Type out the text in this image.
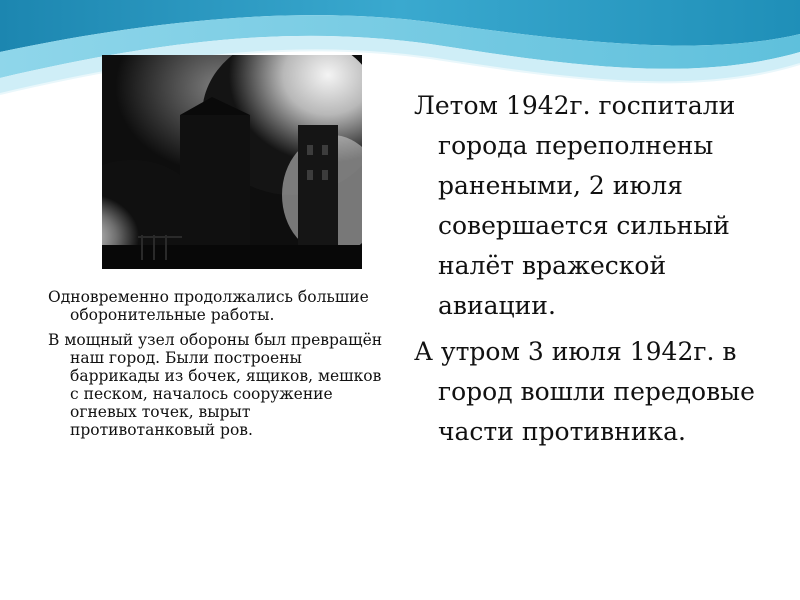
Одновременно продолжались большие оборонительные работы.

В мощный узел обороны был превращён наш город. Были построены баррикады из бочек, ящиков, мешков с песком, началось сооружение огневых точек, вырыт противотанковый ров.

Летом 1942г. госпитали города переполнены ранеными, 2 июля совершается сильный налёт вражеской авиации.

А утром 3 июля 1942г. в город вошли передовые части противника.
